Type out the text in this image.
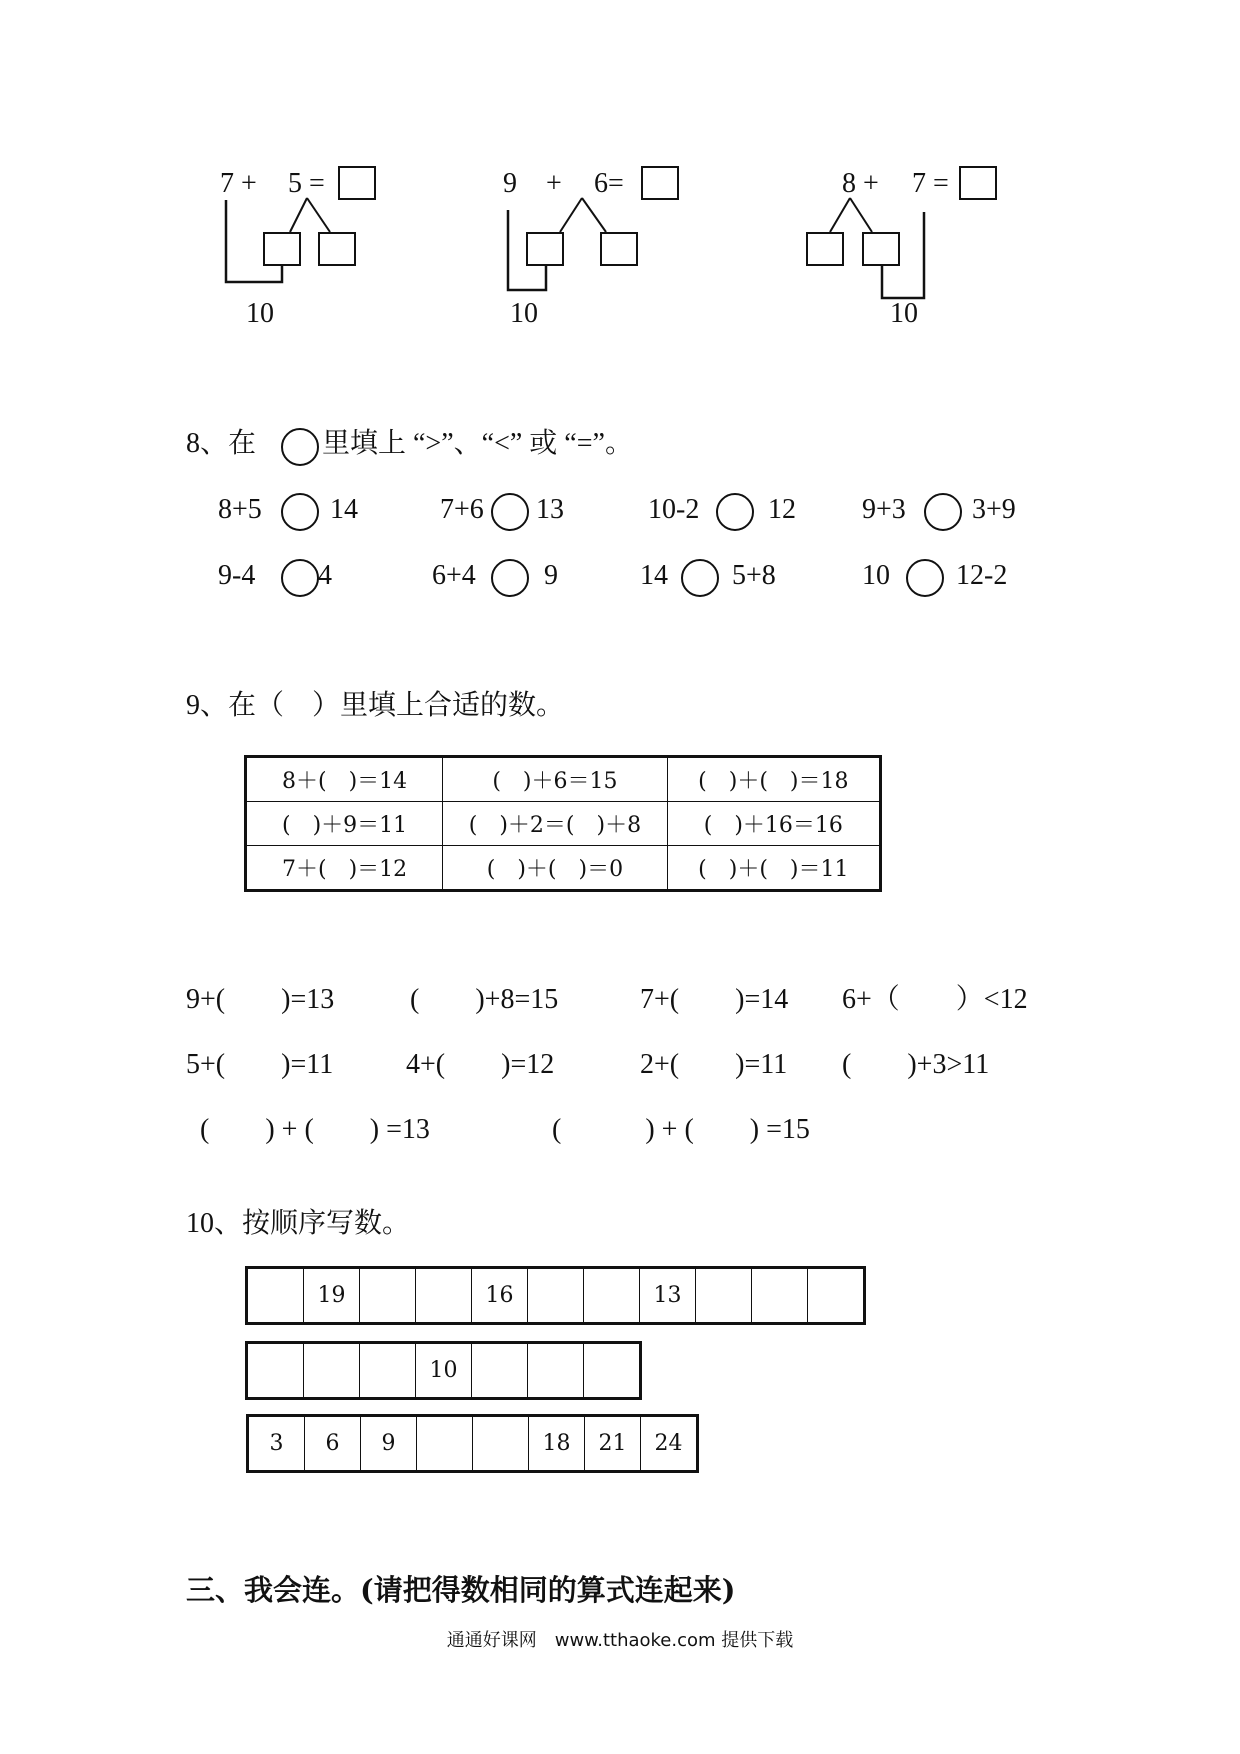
7 + 5 =
10
9 + 6=
10
8 + 7 =
10
8、在 里填上 “>”、“<” 或 “=”。
8+5 14	7+6 13	10-2 12 9+3 3+9
9-4 4	6+4 9	14 5+8	10 12-2
9、在（　）里填上合适的数。
8＋(　)＝14	(　)＋6＝15	(　)＋(　)＝18
(　)＋9＝11	(　)＋2＝(　)＋8	(　)＋16＝16
7＋(　)＝12	(　)＋(　)＝0	(　)＋(　)＝11
9+(　　)=13	(　　)+8=15	7+(　　)=14 6+（　　）<12
5+(　　)=11	4+(　　)=12	2+(　　)=11 (　　)+3>11
(　　) + (　　) =13	(　　　) + (　　) =15
10、按顺序写数。
	19			16			13			
			10			
3	6	9			18	21	24
三、我会连。(请把得数相同的算式连起来)
通通好课网　www.tthaoke.com 提供下载
